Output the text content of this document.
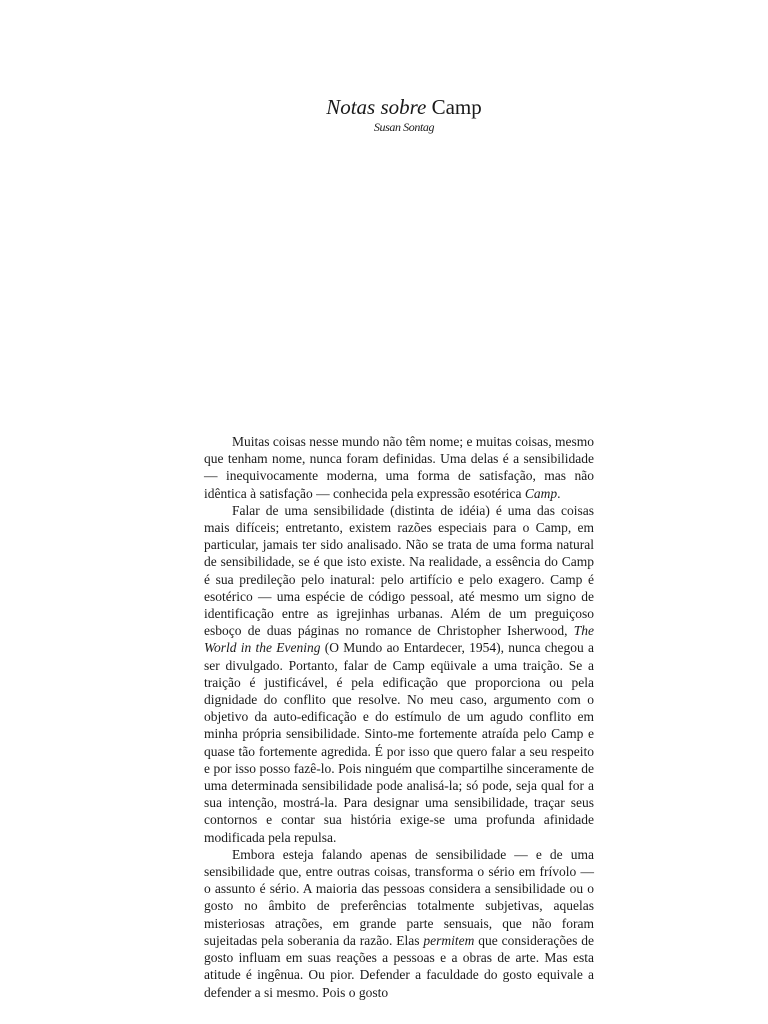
Notas sobre Camp

Susan Sontag

Muitas coisas nesse mundo não têm nome; e muitas coisas, mesmo que tenham nome, nunca foram definidas. Uma delas é a sensibilidade — inequivocamente moderna, uma forma de satisfação, mas não idêntica à satisfação — conhecida pela expressão esotérica Camp.

Falar de uma sensibilidade (distinta de idéia) é uma das coisas mais difíceis; entretanto, existem razões especiais para o Camp, em particular, jamais ter sido analisado. Não se trata de uma forma natural de sensibilidade, se é que isto existe. Na realidade, a essência do Camp é sua predileção pelo inatural: pelo artifício e pelo exagero. Camp é esotérico — uma espécie de código pessoal, até mesmo um signo de identificação entre as igrejinhas urbanas. Além de um preguiçoso esboço de duas páginas no romance de Christopher Isherwood, The World in the Evening (O Mundo ao Entardecer, 1954), nunca chegou a ser divulgado. Portanto, falar de Camp eqüivale a uma traição. Se a traição é justificável, é pela edificação que proporciona ou pela dignidade do conflito que resolve. No meu caso, argumento com o objetivo da auto-edificação e do estímulo de um agudo conflito em minha própria sensibilidade. Sinto-me fortemente atraída pelo Camp e quase tão fortemente agredida. É por isso que quero falar a seu respeito e por isso posso fazê-lo. Pois ninguém que compartilhe sinceramente de uma determinada sensibilidade pode analisá-la; só pode, seja qual for a sua intenção, mostrá-la. Para designar uma sensibilidade, traçar seus contornos e contar sua história exige-se uma profunda afinidade modificada pela repulsa.

Embora esteja falando apenas de sensibilidade — e de uma sensibilidade que, entre outras coisas, transforma o sério em frívolo — o assunto é sério. A maioria das pessoas considera a sensibilidade ou o gosto no âmbito de preferências totalmente subjetivas, aquelas misteriosas atrações, em grande parte sensuais, que não foram sujeitadas pela soberania da razão. Elas permitem que considerações de gosto influam em suas reações a pessoas e a obras de arte. Mas esta atitude é ingênua. Ou pior. Defender a faculdade do gosto equivale a defender a si mesmo. Pois o gosto
